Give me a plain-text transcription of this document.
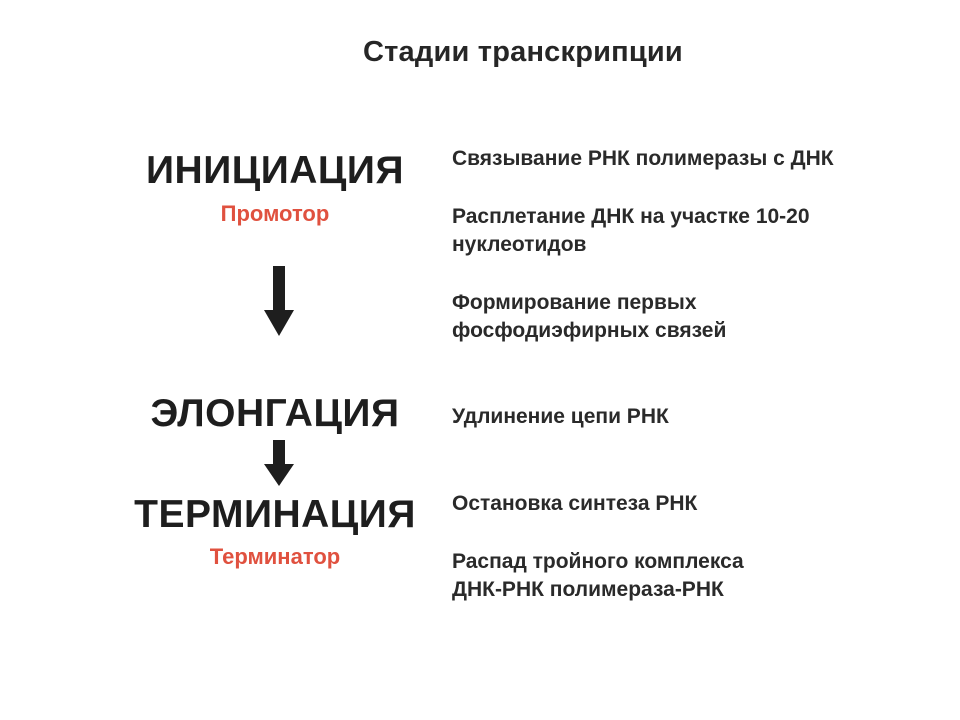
Стадии транскрипции
ИНИЦИАЦИЯ
Промотор
ЭЛОНГАЦИЯ
ТЕРМИНАЦИЯ
Терминатор
Связывание РНК полимеразы с ДНК
Расплетание ДНК на участке 10-20 нуклеотидов
Формирование первых фосфодиэфирных связей
Удлинение цепи РНК
Остановка синтеза РНК
Распад тройного комплекса ДНК-РНК полимераза-РНК
